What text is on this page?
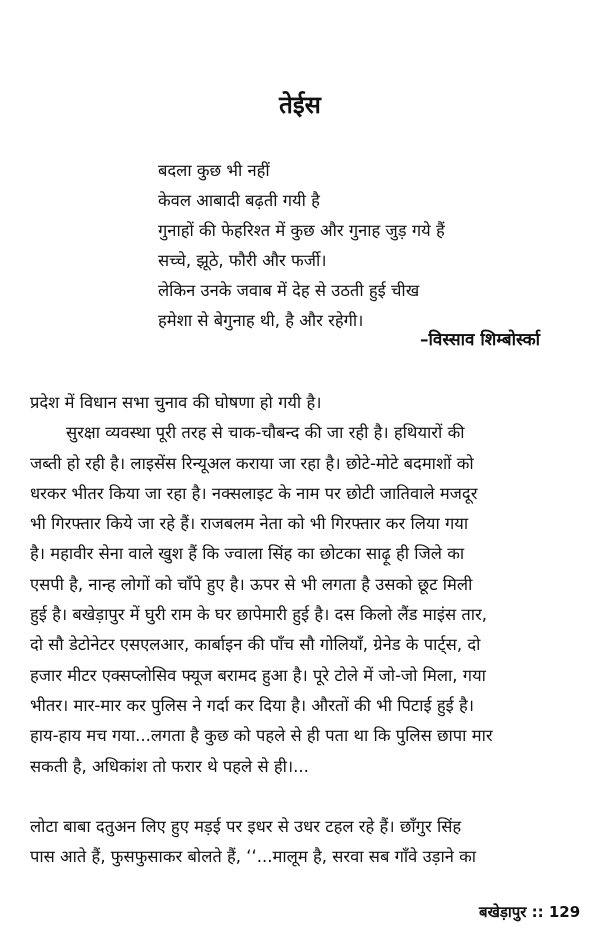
तेईस
बदला कुछ भी नहीं
केवल आबादी बढ़ती गयी है
गुनाहों की फेहरिश्त में कुछ और गुनाह जुड़ गये हैं
सच्चे, झूठे, फौरी और फर्जी।
लेकिन उनके जवाब में देह से उठती हुई चीख
हमेशा से बेगुनाह थी, है और रहेगी।
–विस्साव शिम्बोर्स्का
प्रदेश में विधान सभा चुनाव की घोषणा हो गयी है।
सुरक्षा व्यवस्था पूरी तरह से चाक-चौबन्द की जा रही है। हथियारों की
जब्ती हो रही है। लाइसेंस रिन्यूअल कराया जा रहा है। छोटे-मोटे बदमाशों को
धरकर भीतर किया जा रहा है। नक्सलाइट के नाम पर छोटी जातिवाले मजदूर
भी गिरफ्तार किये जा रहे हैं। राजबलम नेता को भी गिरफ्तार कर लिया गया
है। महावीर सेना वाले खुश हैं कि ज्वाला सिंह का छोटका साढ़ू ही जिले का
एसपी है, नान्ह लोगों को चाँपे हुए है। ऊपर से भी लगता है उसको छूट मिली
हुई है। बखेड़ापुर में घुरी राम के घर छापेमारी हुई है। दस किलो लैंड माइंस तार,
दो सौ डेटोनेटर एसएलआर, कार्बाइन की पाँच सौ गोलियाँ, ग्रेनेड के पार्ट्स, दो
हजार मीटर एक्सप्लोसिव फ्यूज बरामद हुआ है। पूरे टोले में जो-जो मिला, गया
भीतर। मार-मार कर पुलिस ने गर्दा कर दिया है। औरतों की भी पिटाई हुई है।
हाय-हाय मच गया...लगता है कुछ को पहले से ही पता था कि पुलिस छापा मार
सकती है, अधिकांश तो फरार थे पहले से ही।...
लोटा बाबा दतुअन लिए हुए मड़ई पर इधर से उधर टहल रहे हैं। छाँगुर सिंह
पास आते हैं, फुसफुसाकर बोलते हैं, ‘‘...मालूम है, सरवा सब गाँवे उड़ाने का
बखेड़ापुर :: 129
